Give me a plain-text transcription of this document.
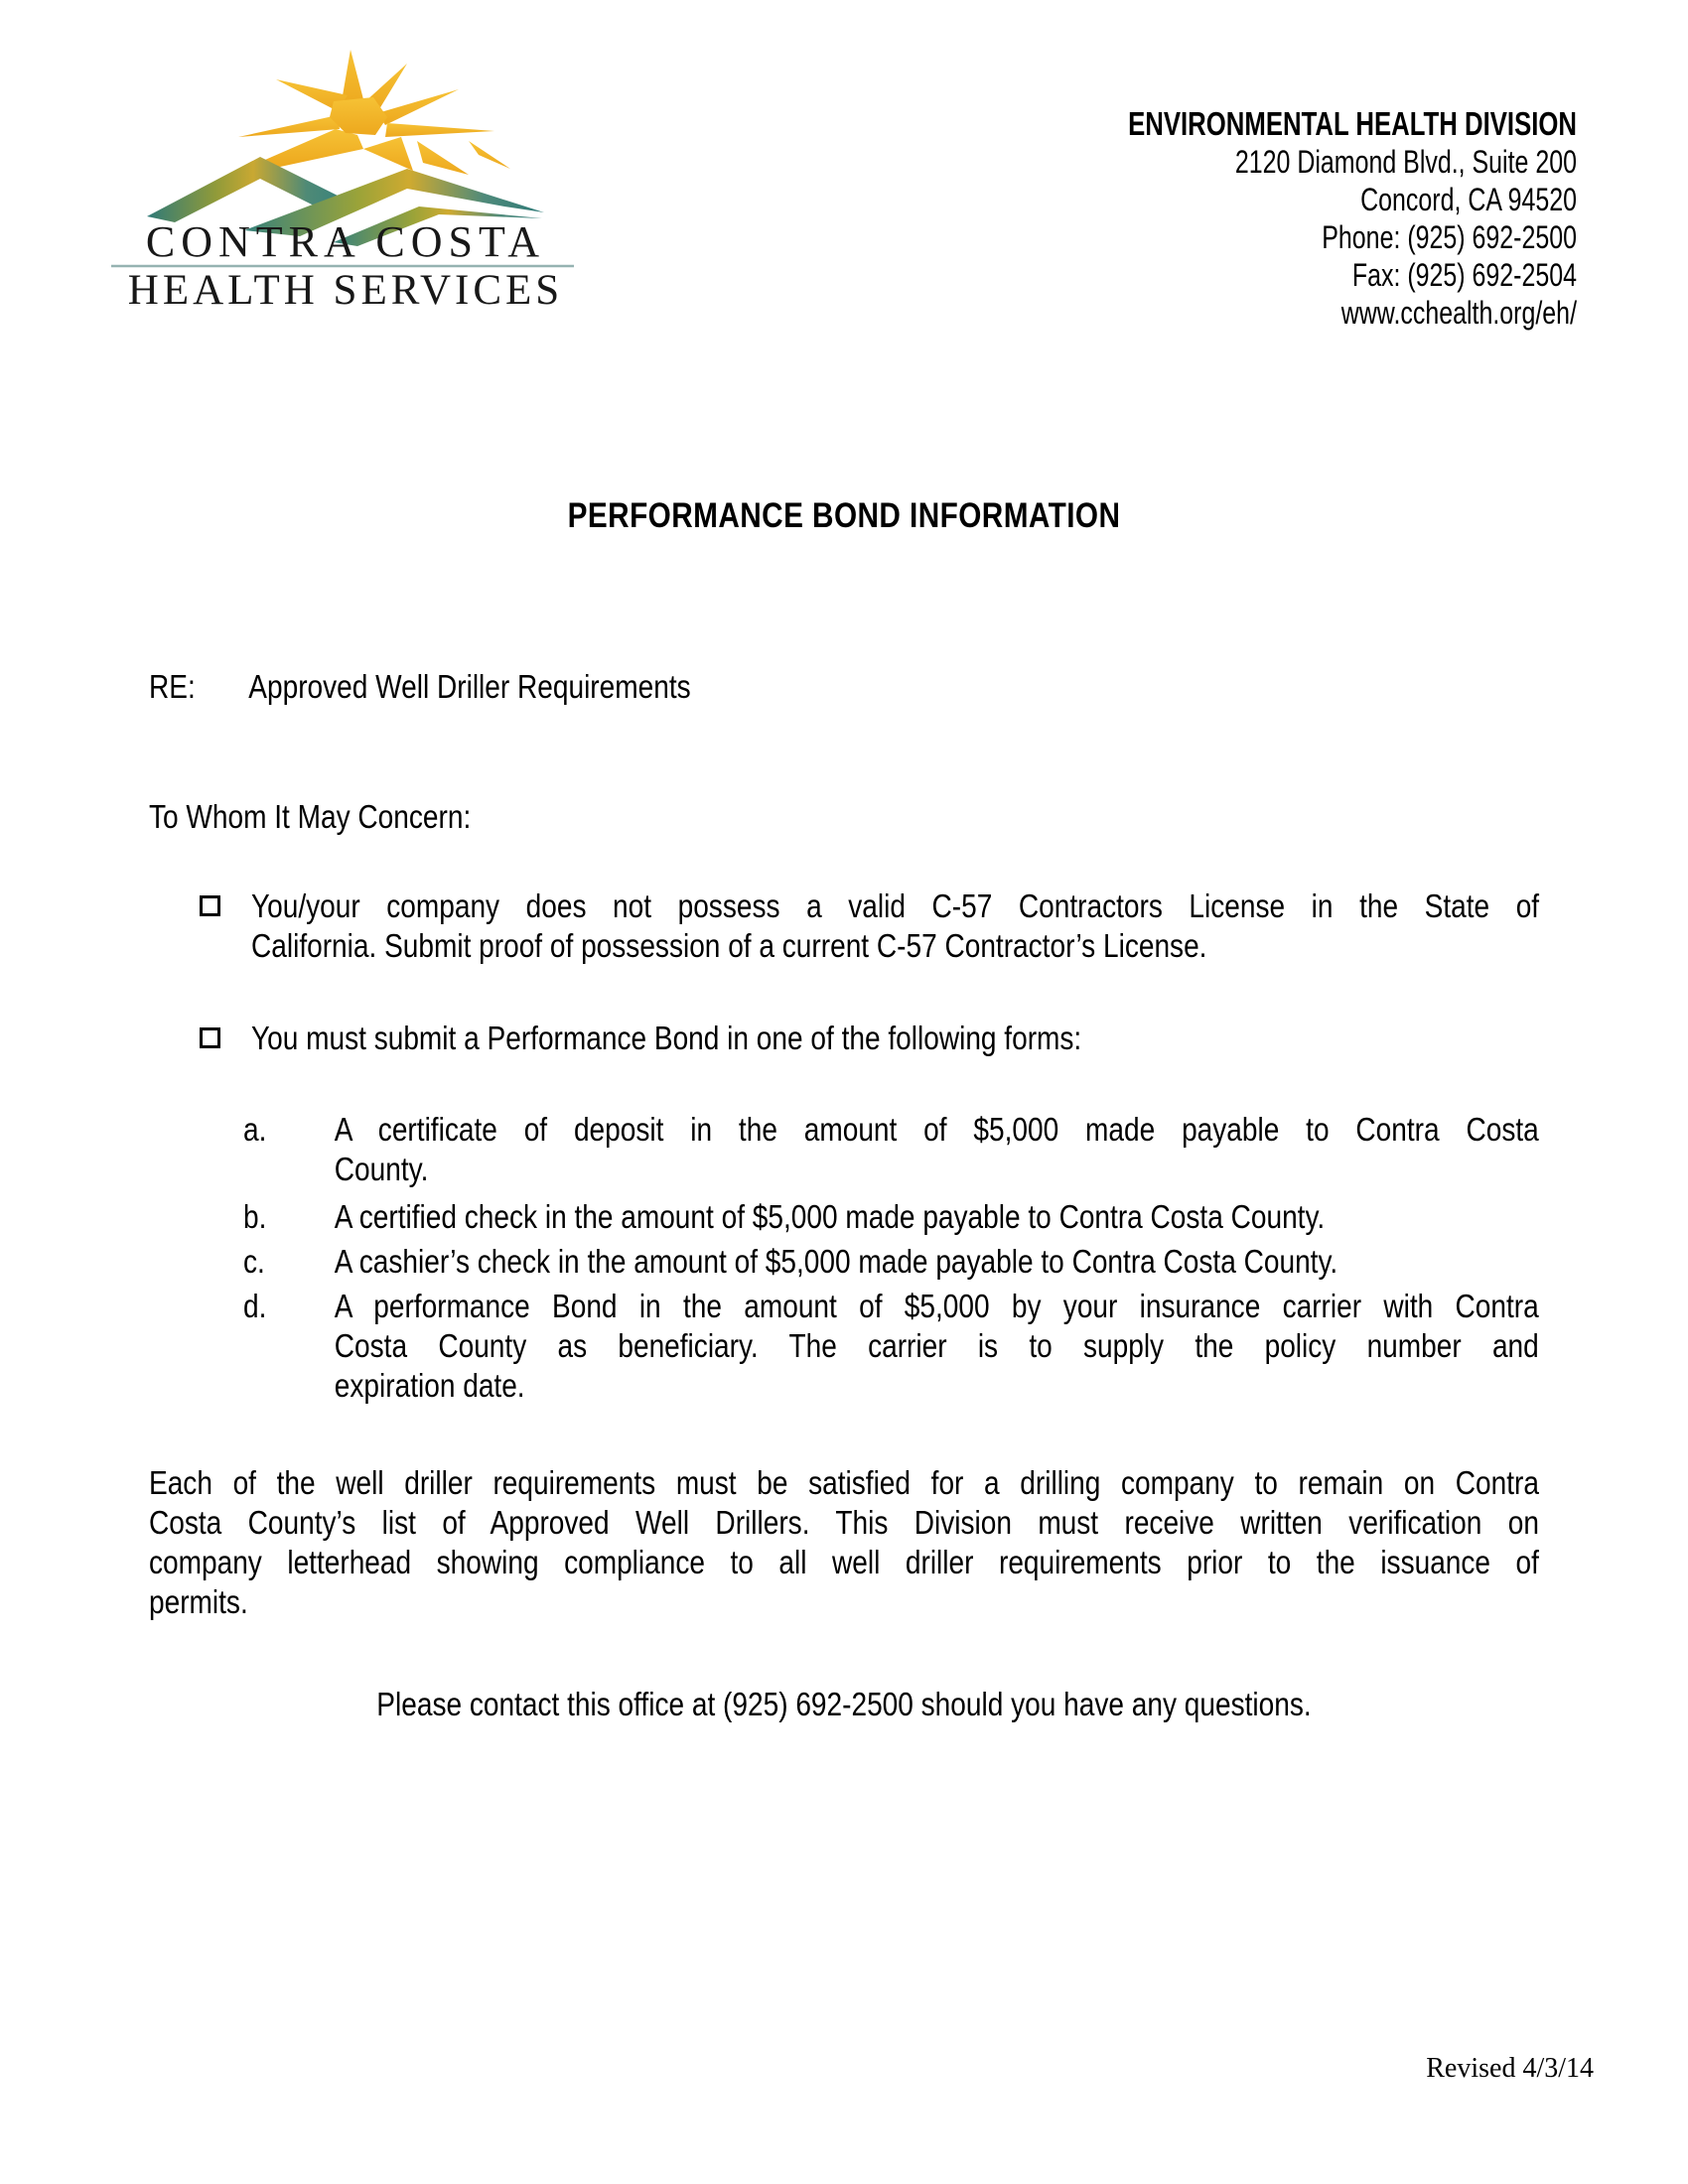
CONTRA COSTA
HEALTH SERVICES
ENVIRONMENTAL HEALTH DIVISION
2120 Diamond Blvd., Suite 200
Concord, CA 94520
Phone: (925) 692-2500
Fax: (925) 692-2504
www.cchealth.org/eh/
PERFORMANCE BOND INFORMATION
RE: Approved Well Driller Requirements
To Whom It May Concern:
You/your company does not possess a valid C-57 Contractors License in the State of
California. Submit proof of possession of a current C-57 Contractor’s License.
You must submit a Performance Bond in one of the following forms:
a. A certificate of deposit in the amount of $5,000 made payable to Contra Costa
County.
b. A certified check in the amount of $5,000 made payable to Contra Costa County.
c. A cashier’s check in the amount of $5,000 made payable to Contra Costa County.
d. A performance Bond in the amount of $5,000 by your insurance carrier with Contra
Costa County as beneficiary. The carrier is to supply the policy number and
expiration date.
Each of the well driller requirements must be satisfied for a drilling company to remain on Contra
Costa County’s list of Approved Well Drillers. This Division must receive written verification on
company letterhead showing compliance to all well driller requirements prior to the issuance of
permits.
Please contact this office at (925) 692-2500 should you have any questions.
Revised 4/3/14
